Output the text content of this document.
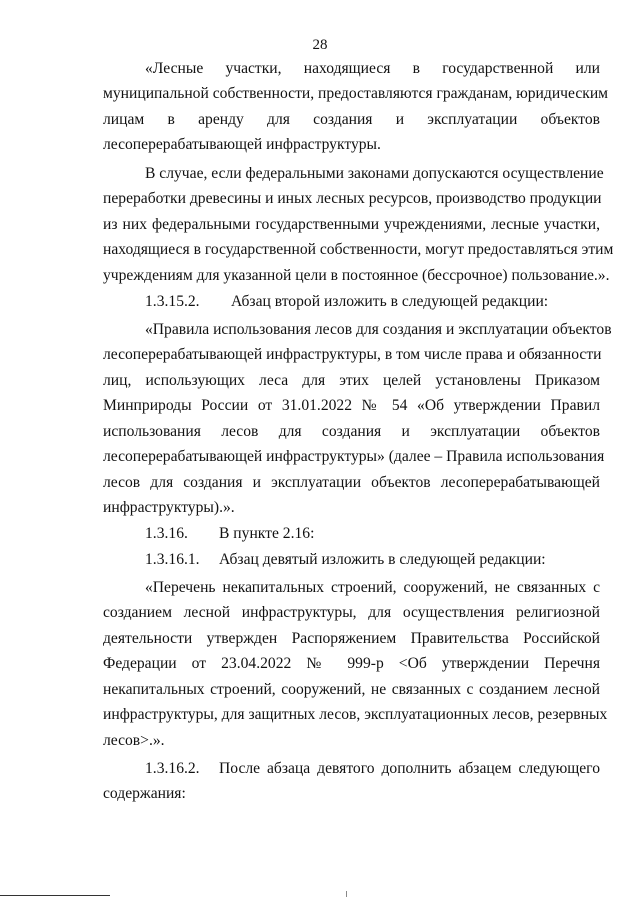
28
«Лесные участки, находящиеся в государственной или
муниципальной собственности, предоставляются гражданам, юридическим
лицам в аренду для создания и эксплуатации объектов
лесоперерабатывающей инфраструктуры.
В случае, если федеральными законами допускаются осуществление
переработки древесины и иных лесных ресурсов, производство продукции
из них федеральными государственными учреждениями, лесные участки,
находящиеся в государственной собственности, могут предоставляться этим
учреждениям для указанной цели в постоянное (бессрочное) пользование.».
1.3.15.2. Абзац второй изложить в следующей редакции:
«Правила использования лесов для создания и эксплуатации объектов
лесоперерабатывающей инфраструктуры, в том числе права и обязанности
лиц, использующих леса для этих целей установлены Приказом
Минприроды России от 31.01.2022 № 54 «Об утверждении Правил
использования лесов для создания и эксплуатации объектов
лесоперерабатывающей инфраструктуры» (далее – Правила использования
лесов для создания и эксплуатации объектов лесоперерабатывающей
инфраструктуры).».
1.3.16. В пункте 2.16:
1.3.16.1. Абзац девятый изложить в следующей редакции:
«Перечень некапитальных строений, сооружений, не связанных с
созданием лесной инфраструктуры, для осуществления религиозной
деятельности утвержден Распоряжением Правительства Российской
Федерации от 23.04.2022 № 999-р <Об утверждении Перечня
некапитальных строений, сооружений, не связанных с созданием лесной
инфраструктуры, для защитных лесов, эксплуатационных лесов, резервных
лесов>.».
1.3.16.2. После абзаца девятого дополнить абзацем следующего
содержания:
